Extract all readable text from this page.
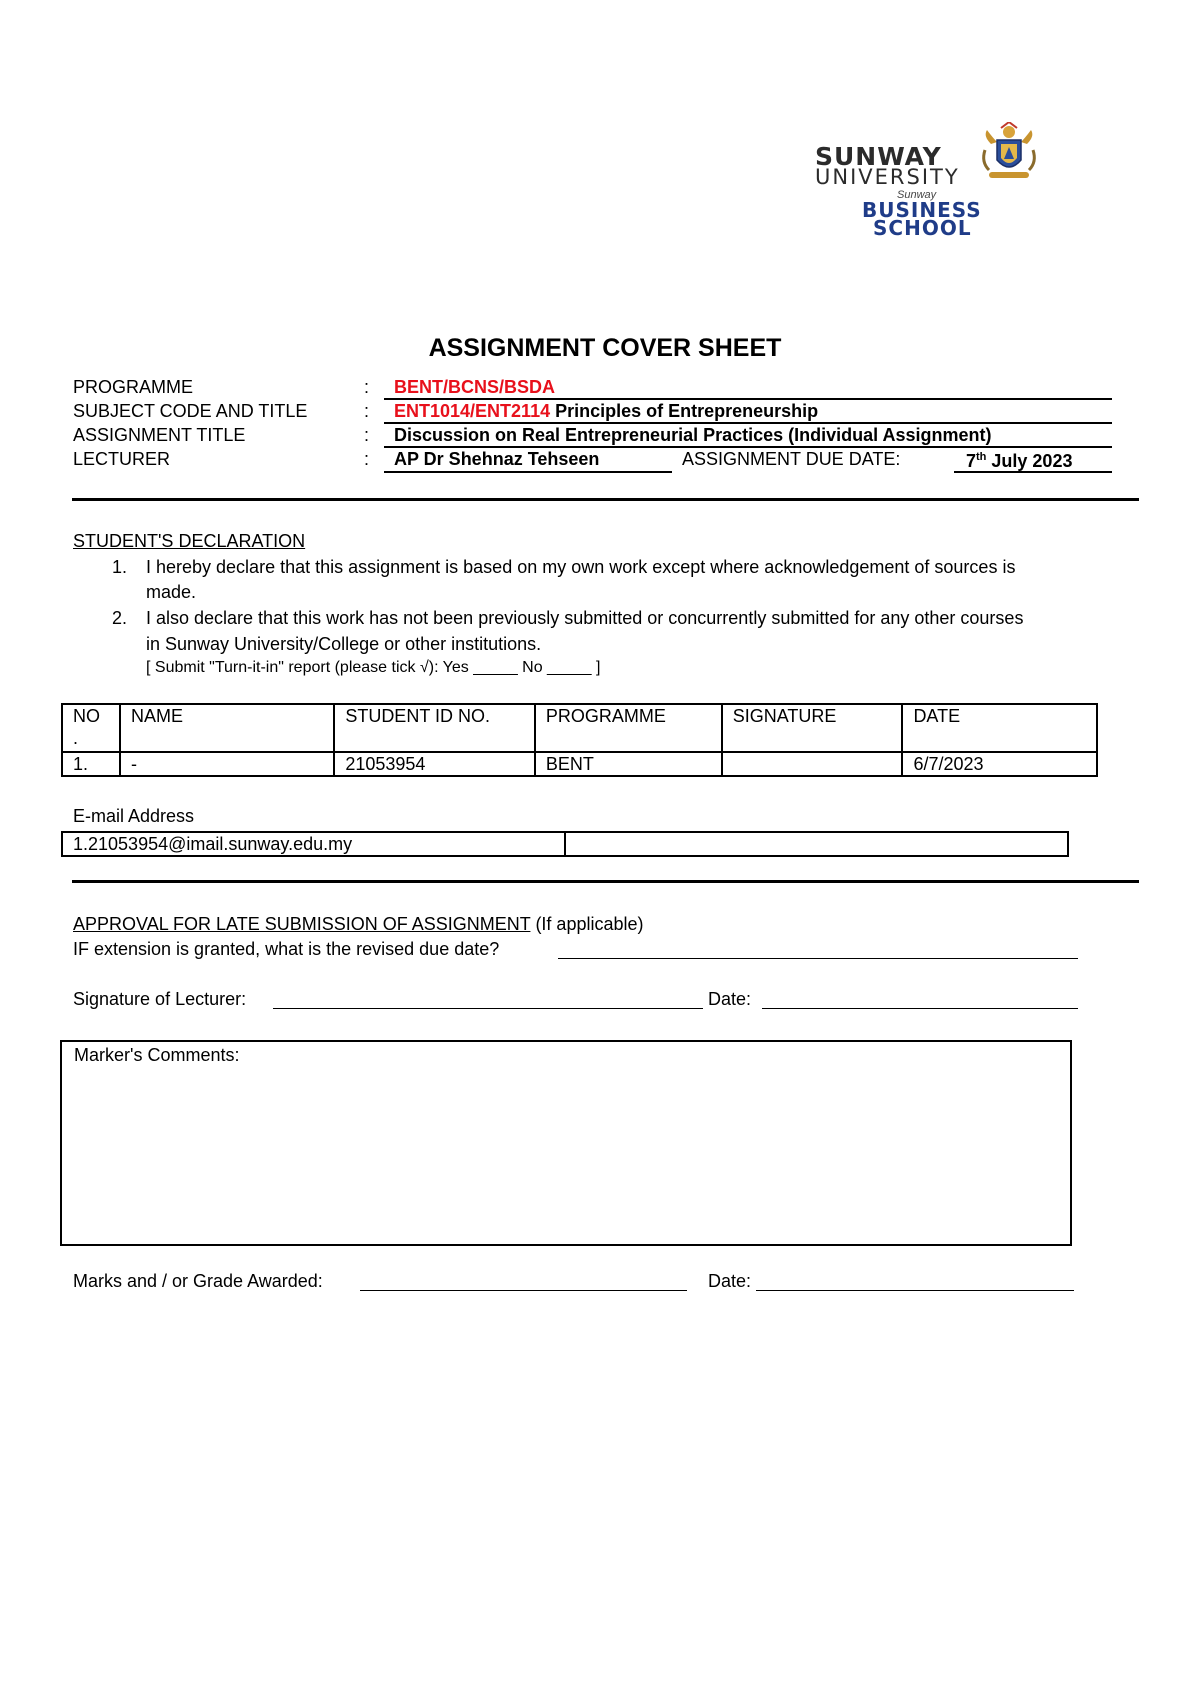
SUNWAY
UNIVERSITY
Sunway
BUSINESS
SCHOOL
ASSIGNMENT COVER SHEET
PROGRAMME	: BENT/BCNS/BSDA
SUBJECT CODE AND TITLE	: ENT1014/ENT2114 Principles of Entrepreneurship
ASSIGNMENT TITLE	: Discussion on Real Entrepreneurial Practices (Individual Assignment)
LECTURER	: AP Dr Shehnaz Tehseen	ASSIGNMENT DUE DATE:	7th July 2023
STUDENT'S DECLARATION
1. I hereby declare that this assignment is based on my own work except where acknowledgement of sources is
made.
2. I also declare that this work has not been previously submitted or concurrently submitted for any other courses
in Sunway University/College or other institutions.
[ Submit "Turn-it-in" report (please tick √): Yes _____ No _____ ]
NO
.	NAME	STUDENT ID NO.	PROGRAMME	SIGNATURE	DATE
1.	-	21053954	BENT		6/7/2023
E-mail Address
1.21053954@imail.sunway.edu.my	
APPROVAL FOR LATE SUBMISSION OF ASSIGNMENT (If applicable)
IF extension is granted, what is the revised due date?
Signature of Lecturer:	Date:
Marker's Comments:
Marks and / or Grade Awarded:	Date:
